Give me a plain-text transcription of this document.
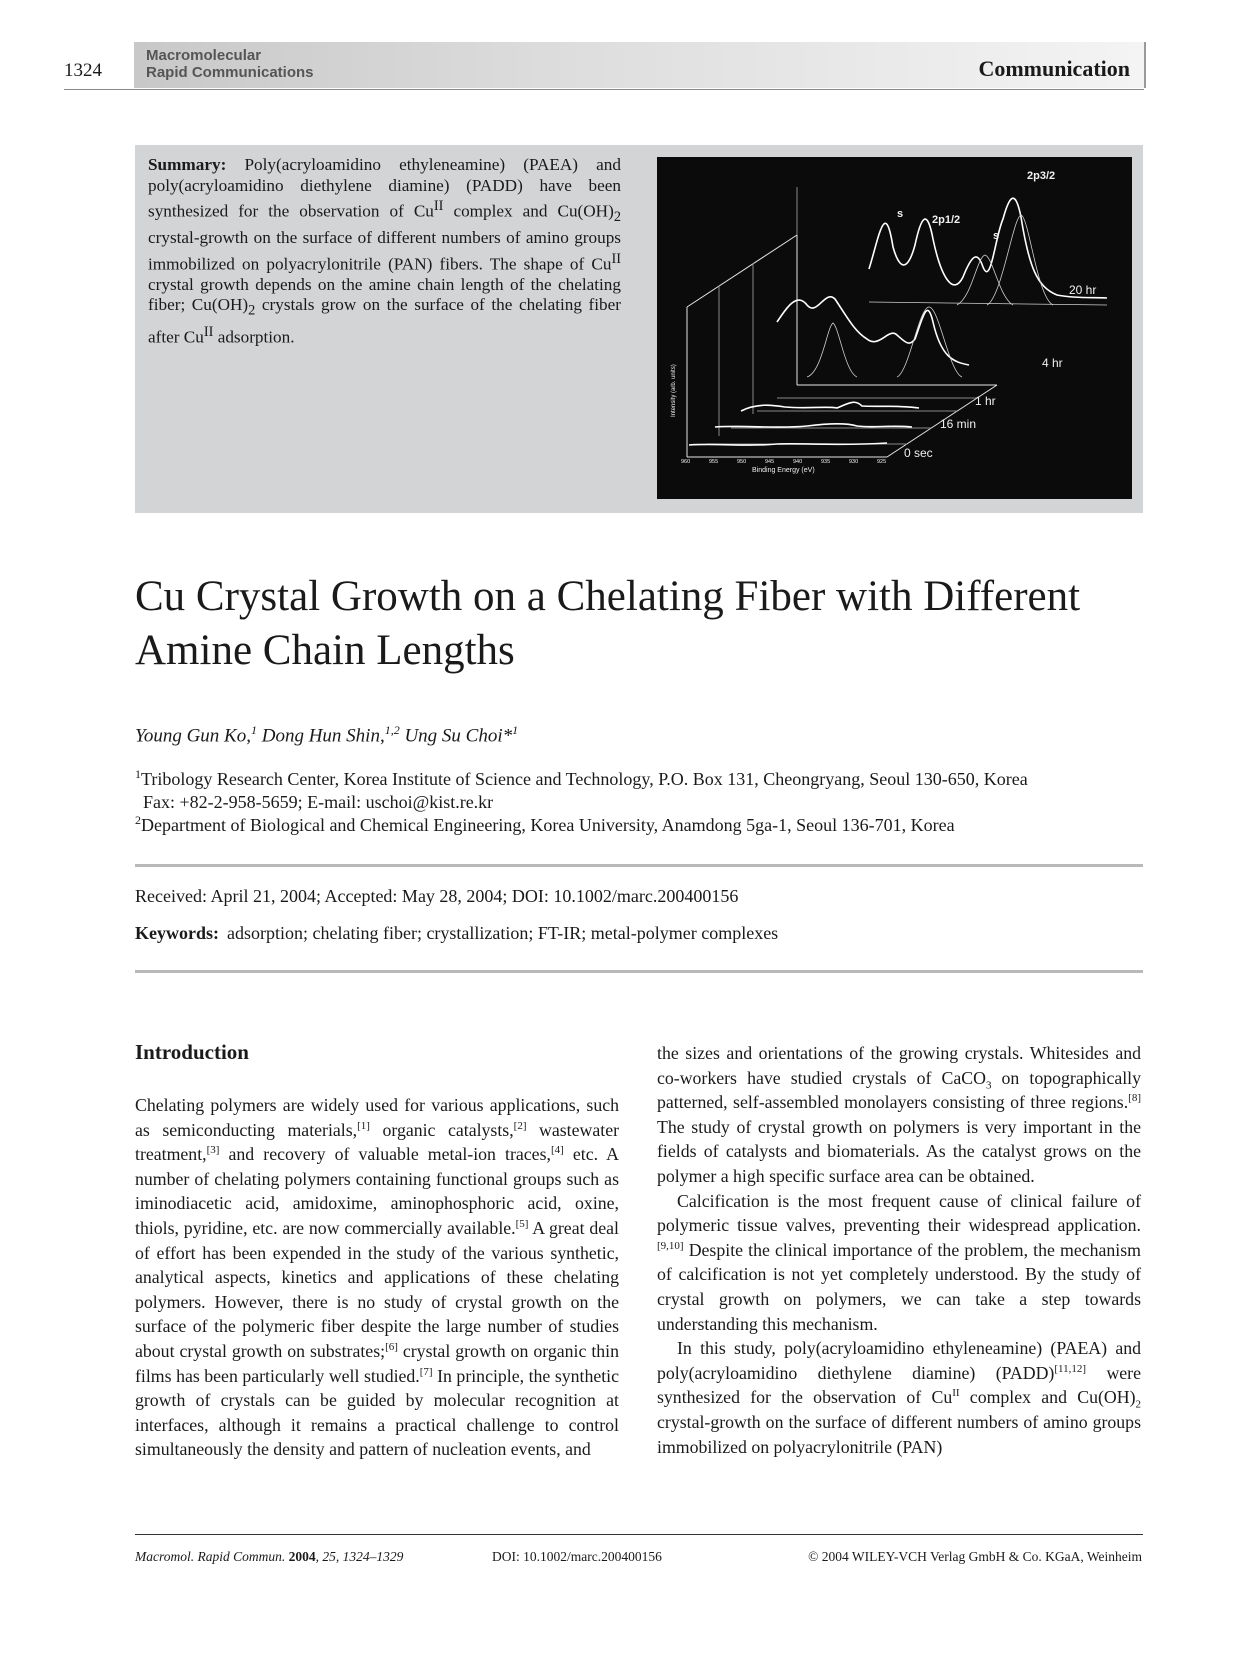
1324
Macromolecular
Rapid Communications	Communication
Summary: Poly(acryloamidino ethyleneamine) (PAEA) and poly(acryloamidino diethylene diamine) (PADD) have been synthesized for the observation of $Cu^{II}$ complex and $Cu(OH)_2$ crystal-growth on the surface of different numbers of amino groups immobilized on polyacrylonitrile (PAN) fibers. The shape of $Cu^{II}$ crystal growth depends on the amine chain length of the chelating fiber; $Cu(OH)_2$ crystals grow on the surface of the chelating fiber after $Cu^{II}$ adsorption.
0 sec
16 min
1 hr
4 hr
20 hr
2p3/2
2p1/2
s
s
Intensity (arb. units)
Binding Energy (eV)
960	955	950	945	940	935	930	925
Cu Crystal Growth on a Chelating Fiber with Different
Amine Chain Lengths
Young Gun Ko,$^1$ Dong Hun Shin,$^{1,2}$ Ung Su Choi*$^1$
$^1$Tribology Research Center, Korea Institute of Science and Technology, P.O. Box 131, Cheongryang, Seoul 130-650, Korea
Fax: +82-2-958-5659; E-mail: uschoi@kist.re.kr
$^2$Department of Biological and Chemical Engineering, Korea University, Anamdong 5ga-1, Seoul 136-701, Korea
Received: April 21, 2004; Accepted: May 28, 2004; DOI: 10.1002/marc.200400156
Keywords: adsorption; chelating fiber; crystallization; FT-IR; metal-polymer complexes
Introduction

Chelating polymers are widely used for various applications, such as semiconducting materials,[1] organic catalysts,[2] wastewater treatment,[3] and recovery of valuable metal-ion traces,[4] etc. A number of chelating polymers containing functional groups such as iminodiacetic acid, amidoxime, aminophosphoric acid, oxine, thiols, pyridine, etc. are now commercially available.[5] A great deal of effort has been expended in the study of the various synthetic, analytical aspects, kinetics and applications of these chelating polymers. However, there is no study of crystal growth on the surface of the polymeric fiber despite the large number of studies about crystal growth on substrates;[6] crystal growth on organic thin films has been particularly well studied.[7] In principle, the synthetic growth of crystals can be guided by molecular recognition at interfaces, although it remains a practical challenge to control simultaneously the density and pattern of nucleation events, and

the sizes and orientations of the growing crystals. Whitesides and co-workers have studied crystals of CaCO$_3$ on topographically patterned, self-assembled monolayers consisting of three regions.[8] The study of crystal growth on polymers is very important in the fields of catalysts and biomaterials. As the catalyst grows on the polymer a high specific surface area can be obtained.

Calcification is the most frequent cause of clinical failure of polymeric tissue valves, preventing their widespread application.[9,10] Despite the clinical importance of the problem, the mechanism of calcification is not yet completely understood. By the study of crystal growth on polymers, we can take a step towards understanding this mechanism.

In this study, poly(acryloamidino ethyleneamine) (PAEA) and poly(acryloamidino diethylene diamine) (PADD)[11,12] were synthesized for the observation of $Cu^{II}$ complex and $Cu(OH)_2$ crystal-growth on the surface of different numbers of amino groups immobilized on polyacrylonitrile (PAN)

Macromol. Rapid Commun. 2004, 25, 1324–1329	DOI: 10.1002/marc.200400156	© 2004 WILEY-VCH Verlag GmbH & Co. KGaA, Weinheim
